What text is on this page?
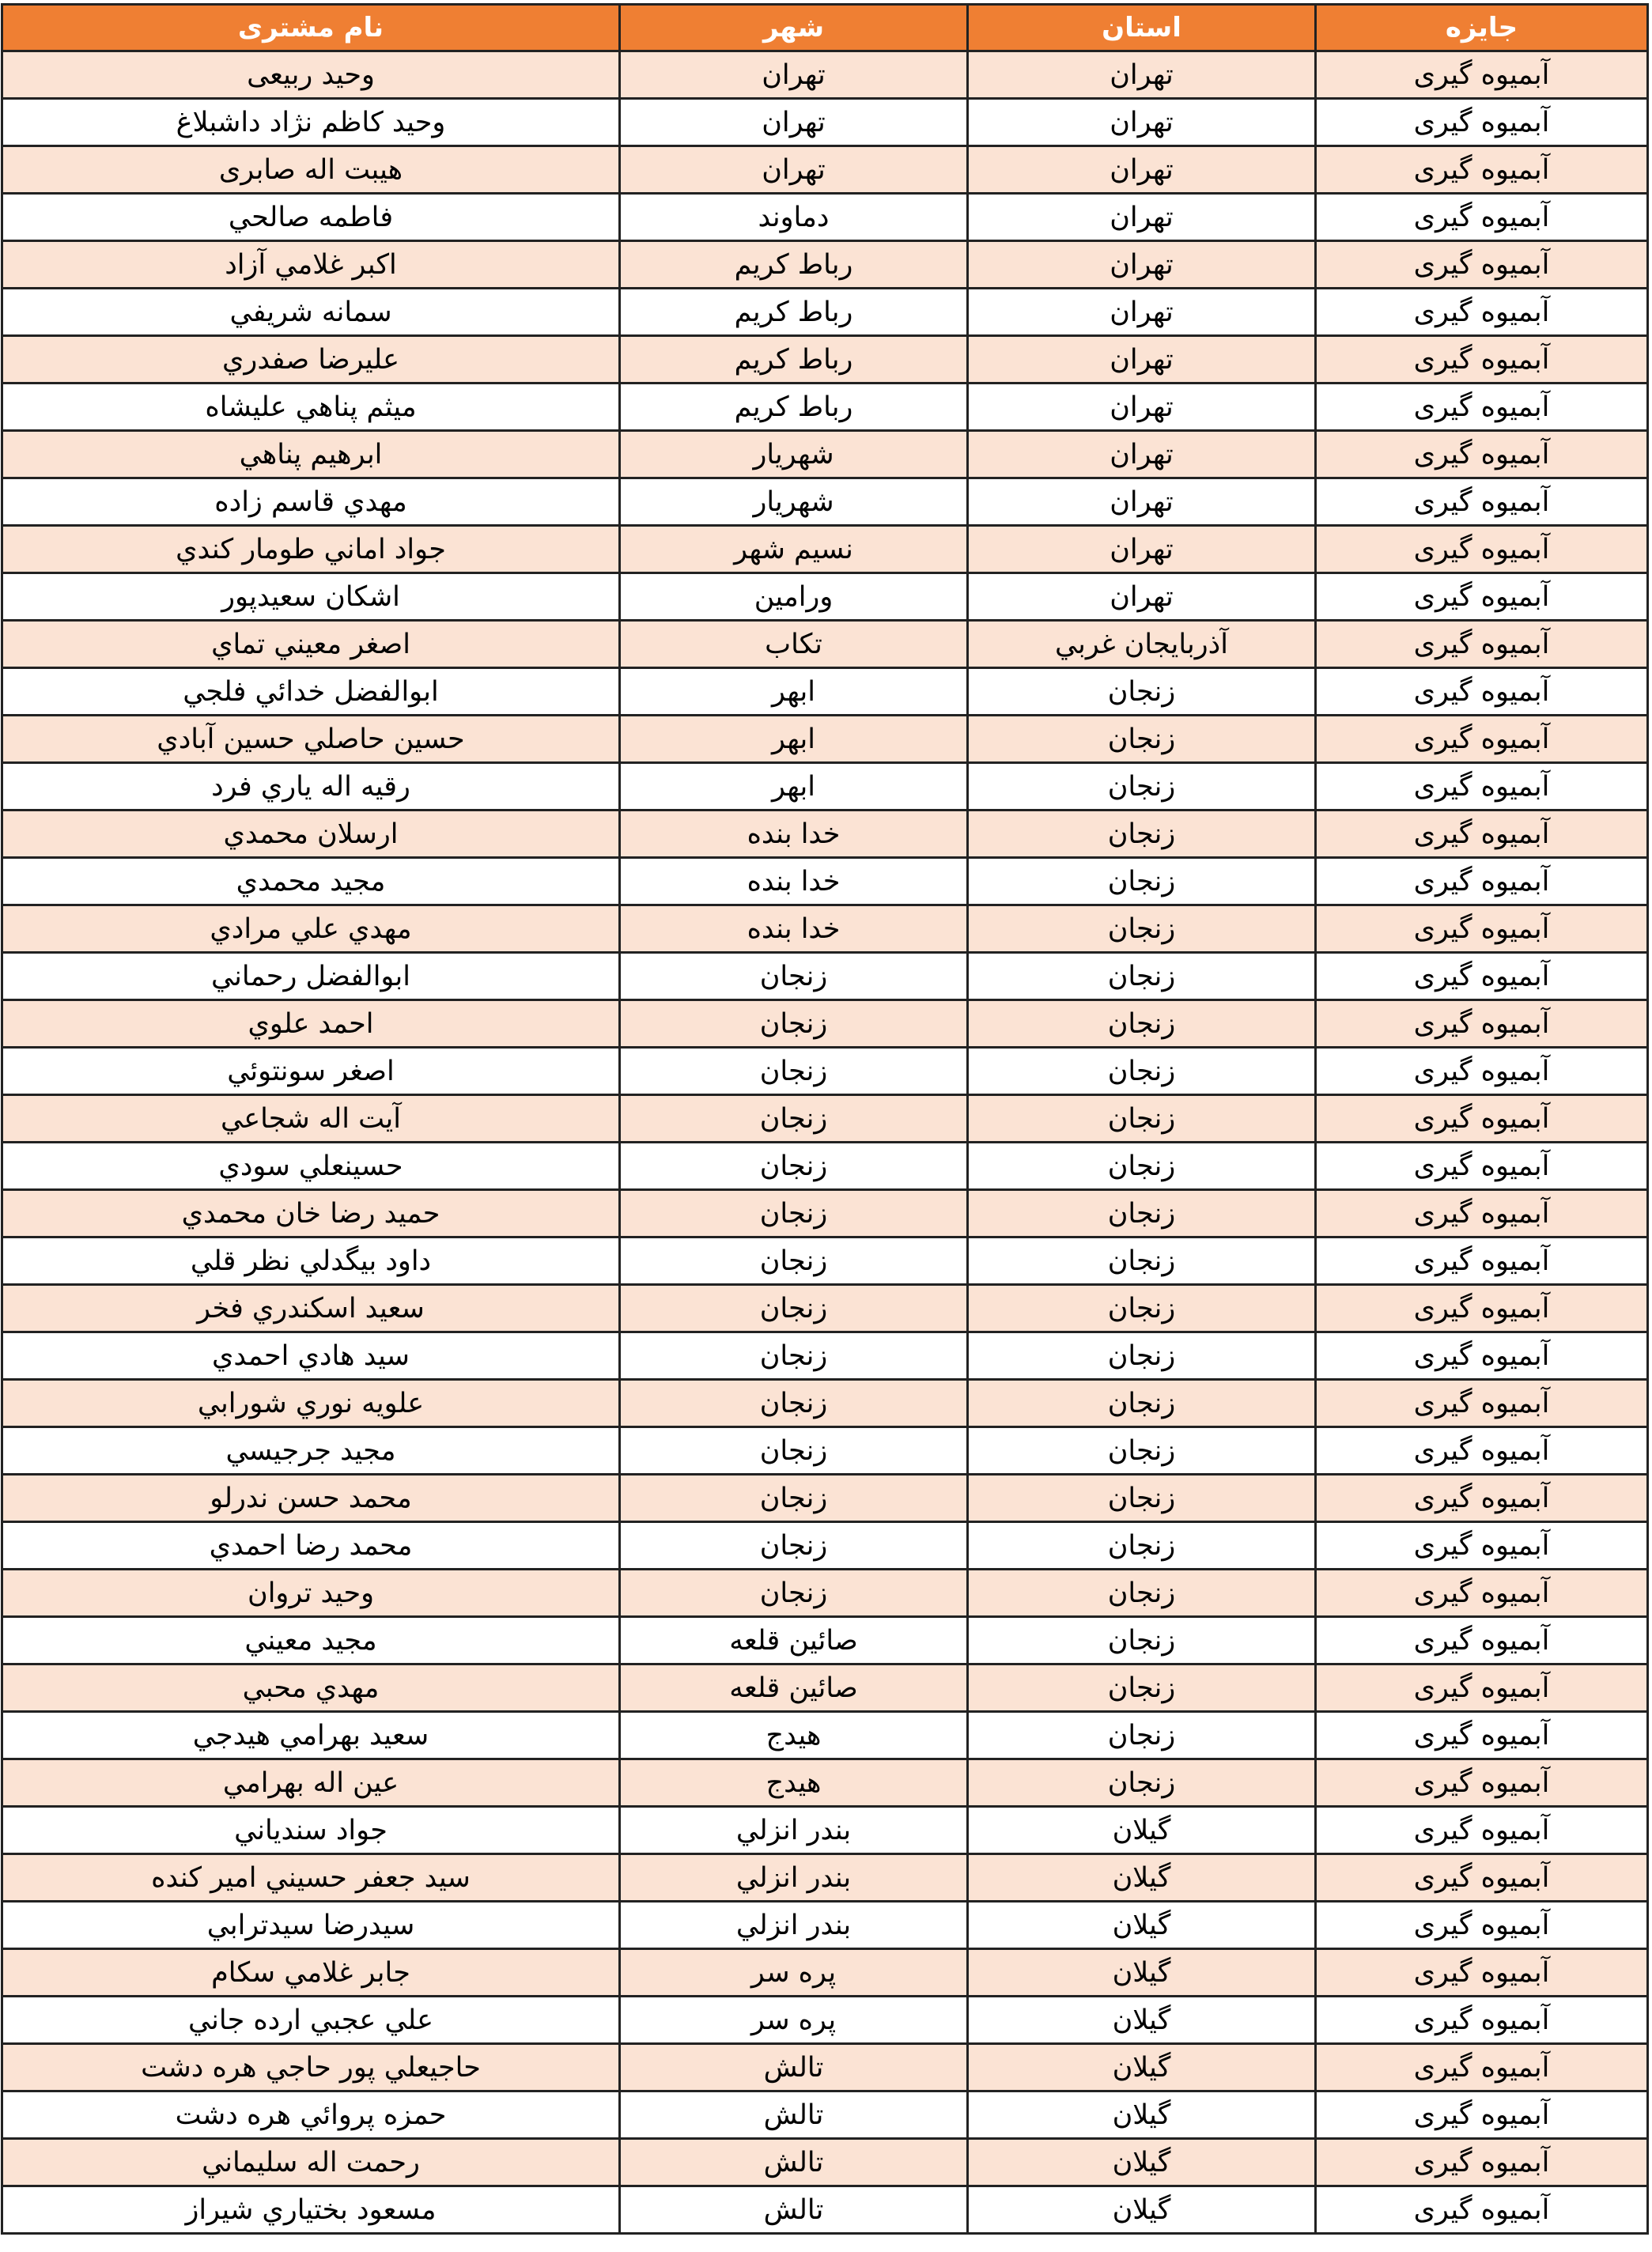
جایزه	استان	شهر	نام مشتری
آبمیوه گیری	تهران	تهران	وحید ربیعی
آبمیوه گیری	تهران	تهران	وحید کاظم نژاد داشبلاغ
آبمیوه گیری	تهران	تهران	هیبت اله صابری
آبمیوه گیری	تهران	دماوند	فاطمه صالحي
آبمیوه گیری	تهران	رباط کریم	اكبر غلامي آزاد
آبمیوه گیری	تهران	رباط کریم	سمانه شريفي
آبمیوه گیری	تهران	رباط کریم	عليرضا صفدري
آبمیوه گیری	تهران	رباط کریم	ميثم پناهي عليشاه
آبمیوه گیری	تهران	شهریار	ابرهيم پناهي
آبمیوه گیری	تهران	شهریار	مهدي قاسم زاده
آبمیوه گیری	تهران	نسیم شهر	جواد اماني طومار كندي
آبمیوه گیری	تهران	ورامین	اشكان سعيدپور
آبمیوه گیری	آذربایجان غربي	تکاب	اصغر معيني تماي
آبمیوه گیری	زنجان	ابهر	ابوالفضل خدائي فلجي
آبمیوه گیری	زنجان	ابهر	حسين حاصلي حسين آبادي
آبمیوه گیری	زنجان	ابهر	رقيه اله ياري فرد
آبمیوه گیری	زنجان	خدا بنده	ارسلان محمدي
آبمیوه گیری	زنجان	خدا بنده	مجيد محمدي
آبمیوه گیری	زنجان	خدا بنده	مهدي علي مرادي
آبمیوه گیری	زنجان	زنجان	ابوالفضل رحماني
آبمیوه گیری	زنجان	زنجان	احمد علوي
آبمیوه گیری	زنجان	زنجان	اصغر سونتوئي
آبمیوه گیری	زنجان	زنجان	آيت اله شجاعي
آبمیوه گیری	زنجان	زنجان	حسينعلي سودي
آبمیوه گیری	زنجان	زنجان	حميد رضا خان محمدي
آبمیوه گیری	زنجان	زنجان	داود بيگدلي نظر قلي
آبمیوه گیری	زنجان	زنجان	سعيد اسكندري فخر
آبمیوه گیری	زنجان	زنجان	سيد هادي احمدي
آبمیوه گیری	زنجان	زنجان	علويه نوري شورابي
آبمیوه گیری	زنجان	زنجان	مجيد جرجيسي
آبمیوه گیری	زنجان	زنجان	محمد حسن ندرلو
آبمیوه گیری	زنجان	زنجان	محمد رضا احمدي
آبمیوه گیری	زنجان	زنجان	وحيد تروان
آبمیوه گیری	زنجان	صائین قلعه	مجيد معيني
آبمیوه گیری	زنجان	صائین قلعه	مهدي محبي
آبمیوه گیری	زنجان	هیدج	سعيد بهرامي هيدجي
آبمیوه گیری	زنجان	هیدج	عين اله بهرامي
آبمیوه گیری	گیلان	بندر انزلي	جواد سندياني
آبمیوه گیری	گیلان	بندر انزلي	سيد جعفر حسيني امير كنده
آبمیوه گیری	گیلان	بندر انزلي	سيدرضا سيدترابي
آبمیوه گیری	گیلان	پره سر	جابر غلامي سكام
آبمیوه گیری	گیلان	پره سر	علي عجبي ارده جاني
آبمیوه گیری	گیلان	تالش	حاجيعلي پور حاجي هره دشت
آبمیوه گیری	گیلان	تالش	حمزه پروائي هره دشت
آبمیوه گیری	گیلان	تالش	رحمت اله سليماني
آبمیوه گیری	گیلان	تالش	مسعود بختياري شيراز
